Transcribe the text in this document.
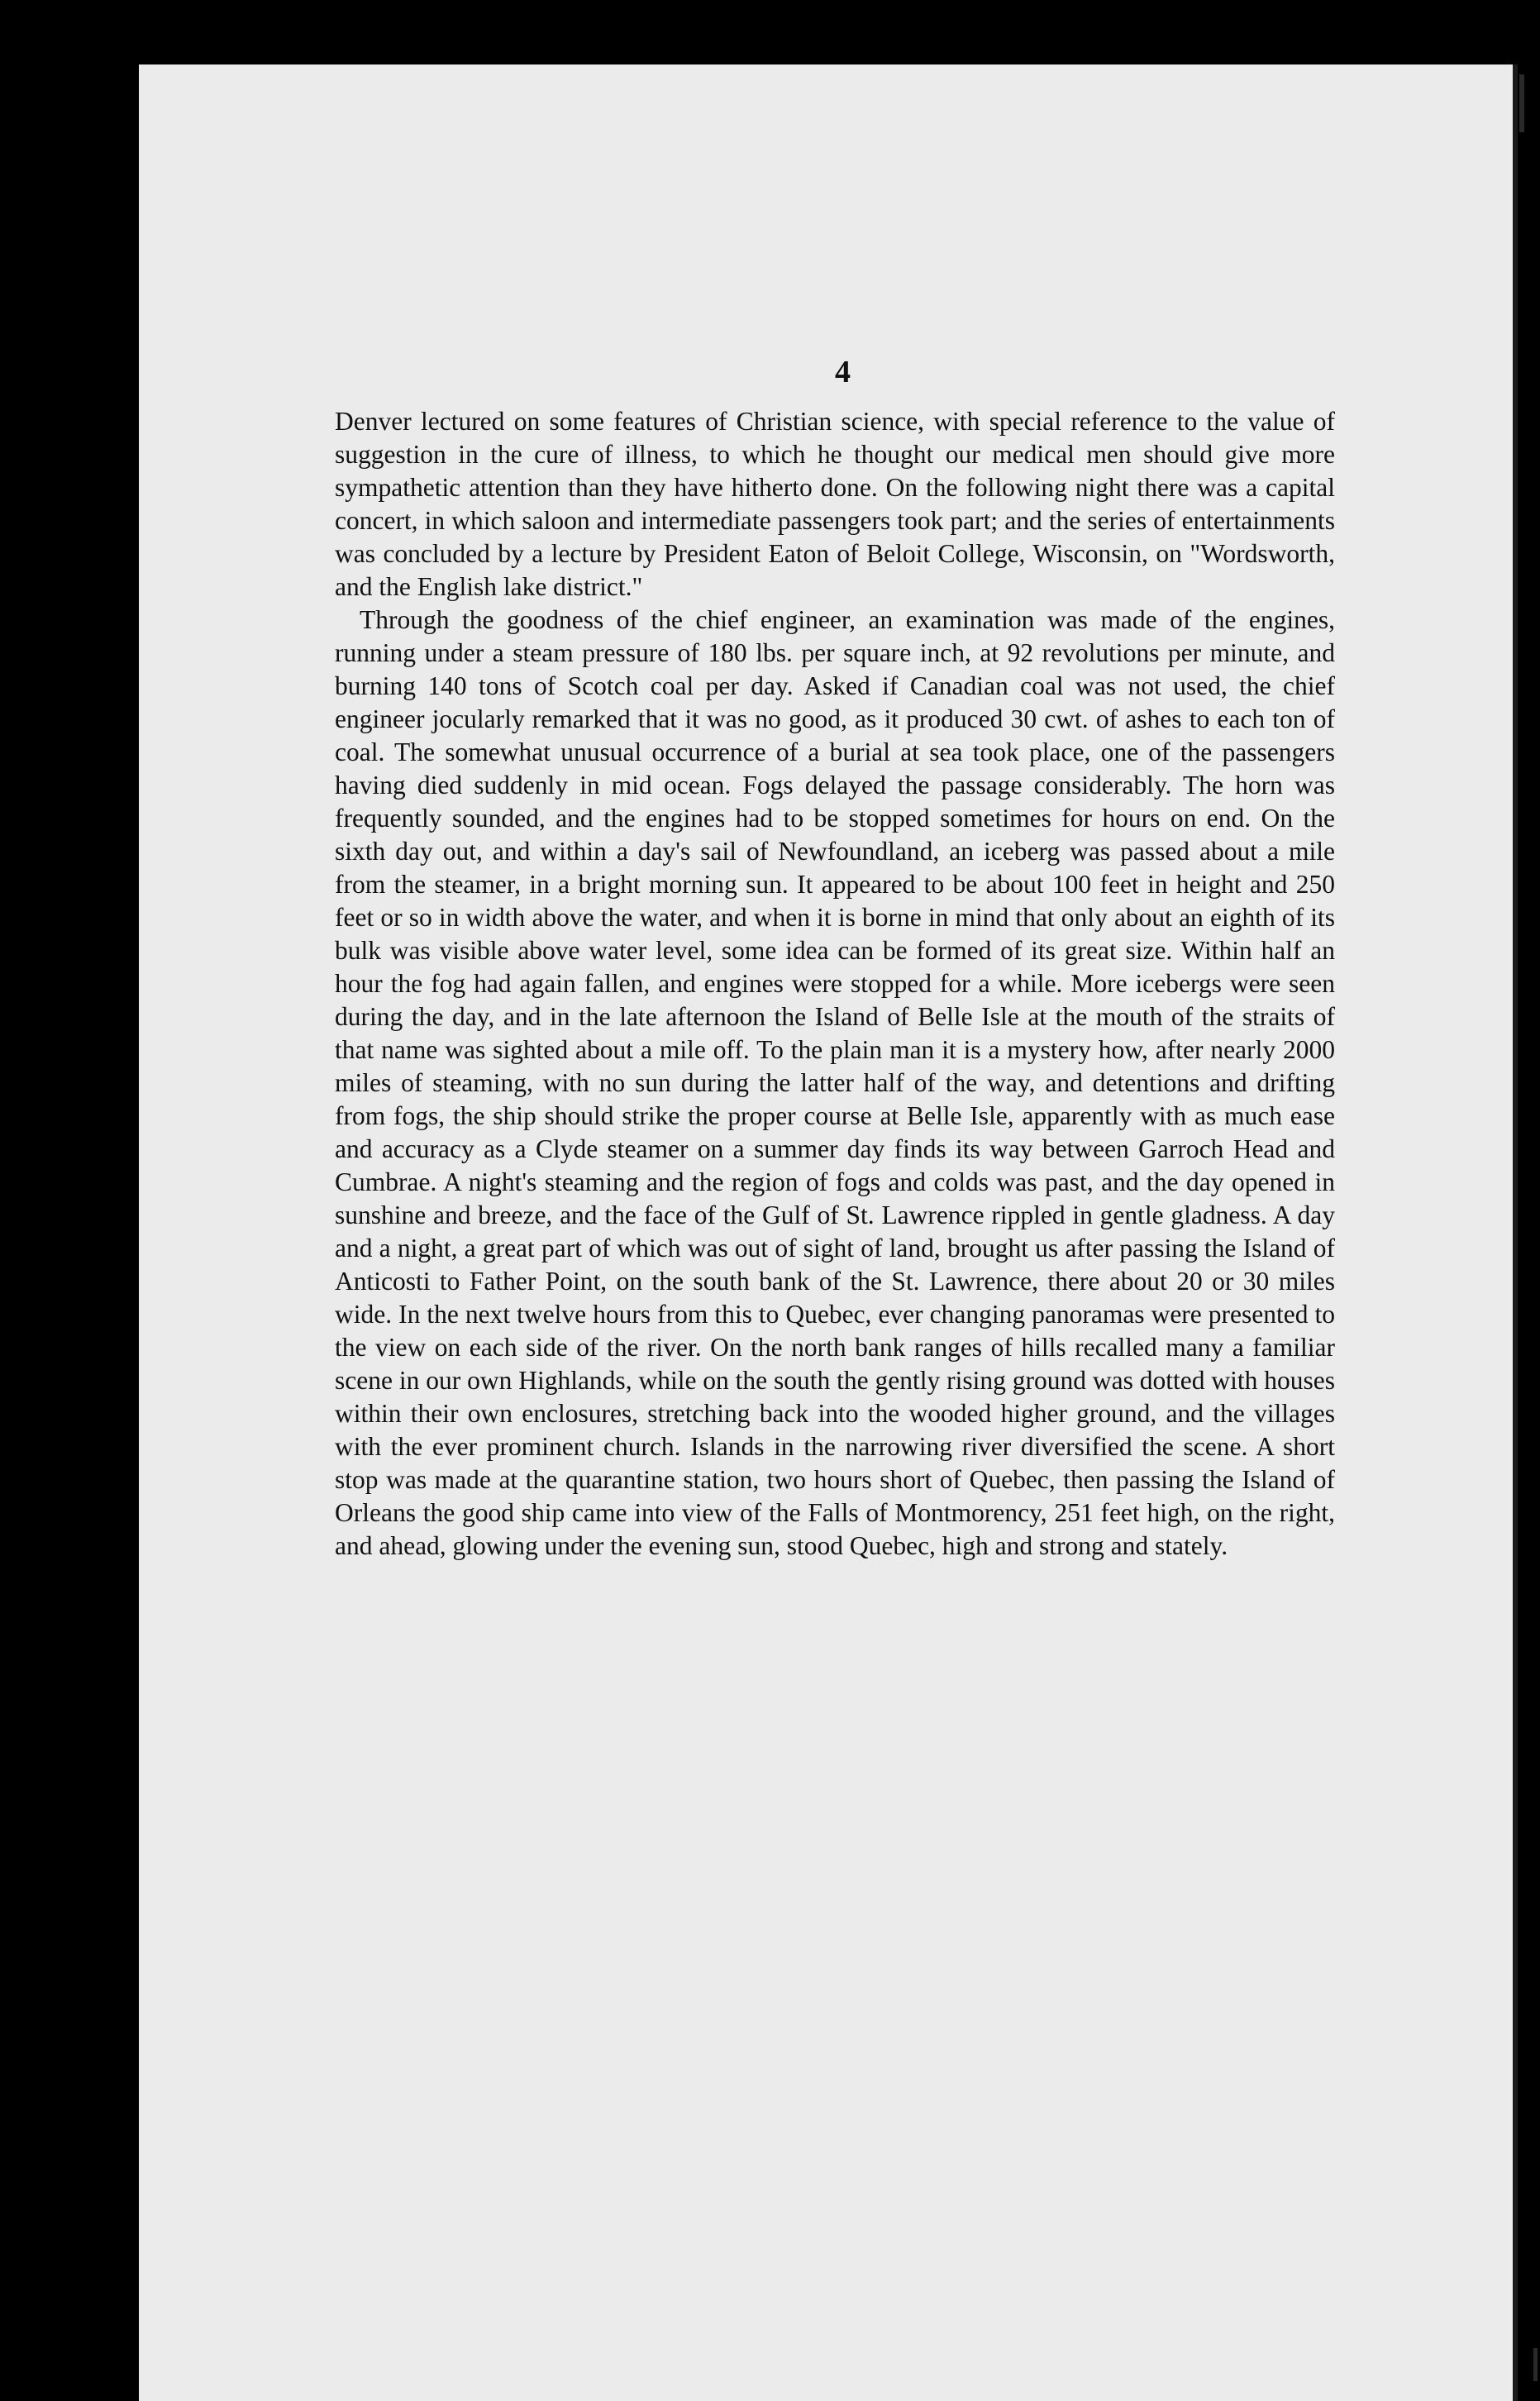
4

Denver lectured on some features of Christian science, with special reference to the value of suggestion in the cure of illness, to which he thought our medical men should give more sympathetic attention than they have hitherto done. On the following night there was a capital concert, in which saloon and intermediate passengers took part; and the series of entertainments was concluded by a lecture by President Eaton of Beloit College, Wisconsin, on "Wordsworth, and the English lake district."

Through the goodness of the chief engineer, an examination was made of the engines, running under a steam pressure of 180 lbs. per square inch, at 92 revolutions per minute, and burning 140 tons of Scotch coal per day. Asked if Canadian coal was not used, the chief engineer jocularly remarked that it was no good, as it produced 30 cwt. of ashes to each ton of coal. The somewhat unusual occurrence of a burial at sea took place, one of the passengers having died suddenly in mid ocean. Fogs delayed the passage considerably. The horn was frequently sounded, and the engines had to be stopped sometimes for hours on end. On the sixth day out, and within a day's sail of Newfoundland, an iceberg was passed about a mile from the steamer, in a bright morning sun. It appeared to be about 100 feet in height and 250 feet or so in width above the water, and when it is borne in mind that only about an eighth of its bulk was visible above water level, some idea can be formed of its great size. Within half an hour the fog had again fallen, and engines were stopped for a while. More icebergs were seen during the day, and in the late afternoon the Island of Belle Isle at the mouth of the straits of that name was sighted about a mile off. To the plain man it is a mystery how, after nearly 2000 miles of steaming, with no sun during the latter half of the way, and detentions and drifting from fogs, the ship should strike the proper course at Belle Isle, apparently with as much ease and accuracy as a Clyde steamer on a summer day finds its way between Garroch Head and Cumbrae. A night's steaming and the region of fogs and colds was past, and the day opened in sunshine and breeze, and the face of the Gulf of St. Lawrence rippled in gentle gladness. A day and a night, a great part of which was out of sight of land, brought us after passing the Island of Anticosti to Father Point, on the south bank of the St. Lawrence, there about 20 or 30 miles wide. In the next twelve hours from this to Quebec, ever changing panoramas were presented to the view on each side of the river. On the north bank ranges of hills recalled many a familiar scene in our own Highlands, while on the south the gently rising ground was dotted with houses within their own enclosures, stretching back into the wooded higher ground, and the villages with the ever prominent church. Islands in the narrowing river diversified the scene. A short stop was made at the quarantine station, two hours short of Quebec, then passing the Island of Orleans the good ship came into view of the Falls of Montmorency, 251 feet high, on the right, and ahead, glowing under the evening sun, stood Quebec, high and strong and stately.
